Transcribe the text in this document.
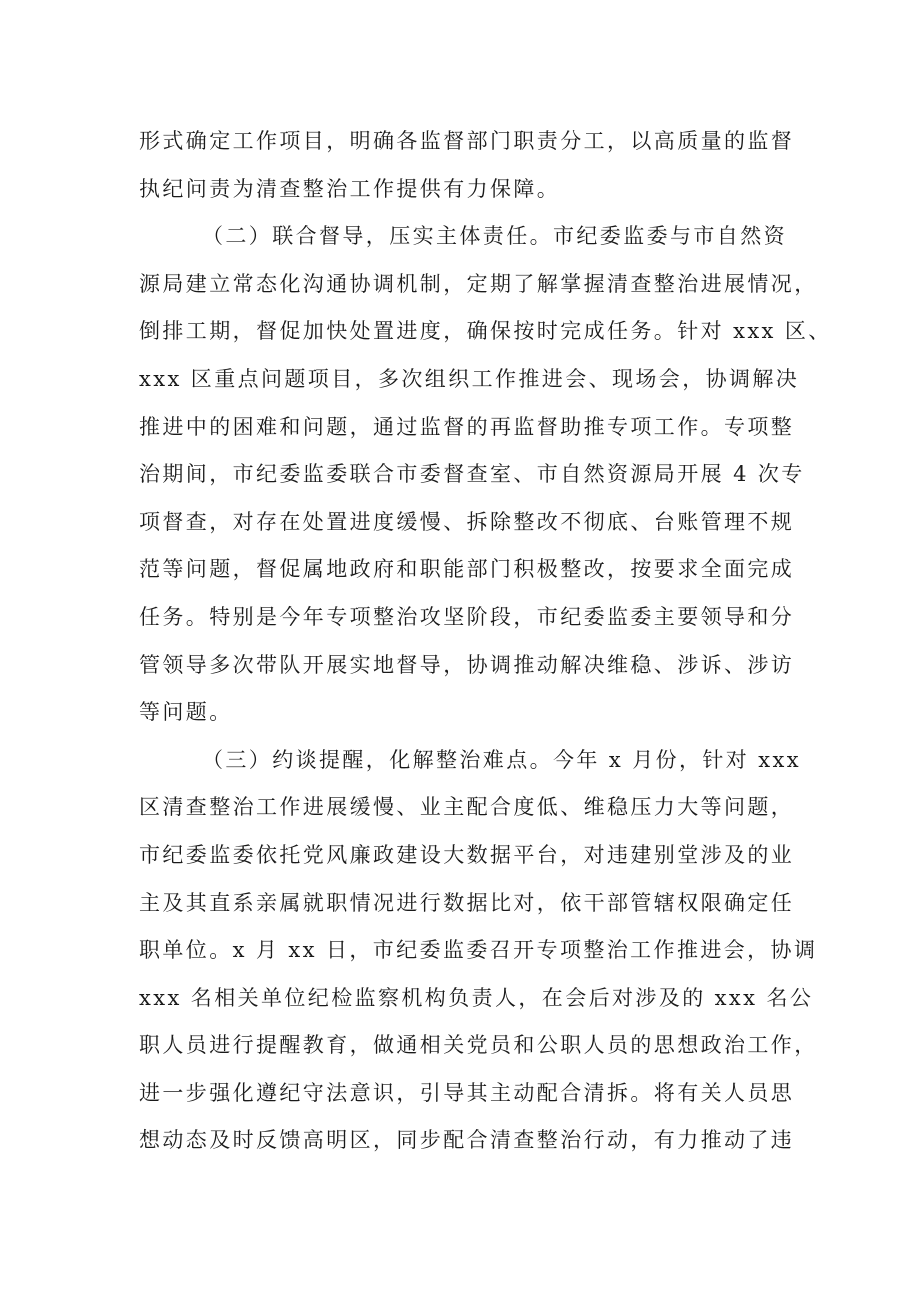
形式确定工作项目，明确各监督部门职责分工，以高质量的监督
执纪问责为清查整治工作提供有力保障。
（二）联合督导，压实主体责任。市纪委监委与市自然资
源局建立常态化沟通协调机制，定期了解掌握清查整治进展情况，
倒排工期，督促加快处置进度，确保按时完成任务。针对 xxx 区、
xxx 区重点问题项目，多次组织工作推进会、现场会，协调解决
推进中的困难和问题，通过监督的再监督助推专项工作。专项整
治期间，市纪委监委联合市委督查室、市自然资源局开展 4 次专
项督查，对存在处置进度缓慢、拆除整改不彻底、台账管理不规
范等问题，督促属地政府和职能部门积极整改，按要求全面完成
任务。特别是今年专项整治攻坚阶段，市纪委监委主要领导和分
管领导多次带队开展实地督导，协调推动解决维稳、涉诉、涉访
等问题。
（三）约谈提醒，化解整治难点。今年 x 月份，针对 xxx
区清查整治工作进展缓慢、业主配合度低、维稳压力大等问题，
市纪委监委依托党风廉政建设大数据平台，对违建别堂涉及的业
主及其直系亲属就职情况进行数据比对，依干部管辖权限确定任
职单位。x 月 xx 日，市纪委监委召开专项整治工作推进会，协调
xxx 名相关单位纪检监察机构负责人，在会后对涉及的 xxx 名公
职人员进行提醒教育，做通相关党员和公职人员的思想政治工作，
进一步强化遵纪守法意识，引导其主动配合清拆。将有关人员思
想动态及时反馈高明区，同步配合清查整治行动，有力推动了违
